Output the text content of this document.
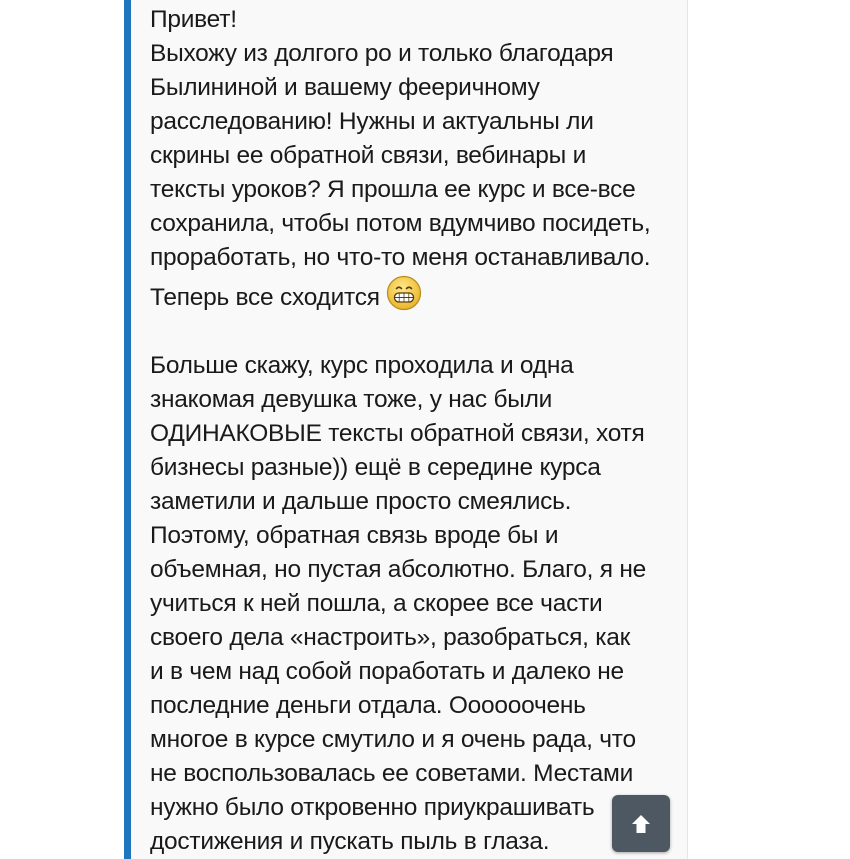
Привет!

Выхожу из долгого ро и только благодаря

Былининой и вашему фееричному

расследованию! Нужны и актуальны ли

скрины ее обратной связи, вебинары и

тексты уроков? Я прошла ее курс и все-все

сохранила, чтобы потом вдумчиво посидеть,

проработать, но что-то меня останавливало.

Теперь все сходится

Больше скажу, курс проходила и одна

знакомая девушка тоже, у нас были

ОДИНАКОВЫЕ тексты обратной связи, хотя

бизнесы разные)) ещё в середине курса

заметили и дальше просто смеялись.

Поэтому, обратная связь вроде бы и

объемная, но пустая абсолютно. Благо, я не

учиться к ней пошла, а скорее все части

своего дела «настроить», разобраться, как

и в чем над собой поработать и далеко не

последние деньги отдала. Оооооочень

многое в курсе смутило и я очень рада, что

не воспользовалась ее советами. Местами

нужно было откровенно приукрашивать

достижения и пускать пыль в глаза.
